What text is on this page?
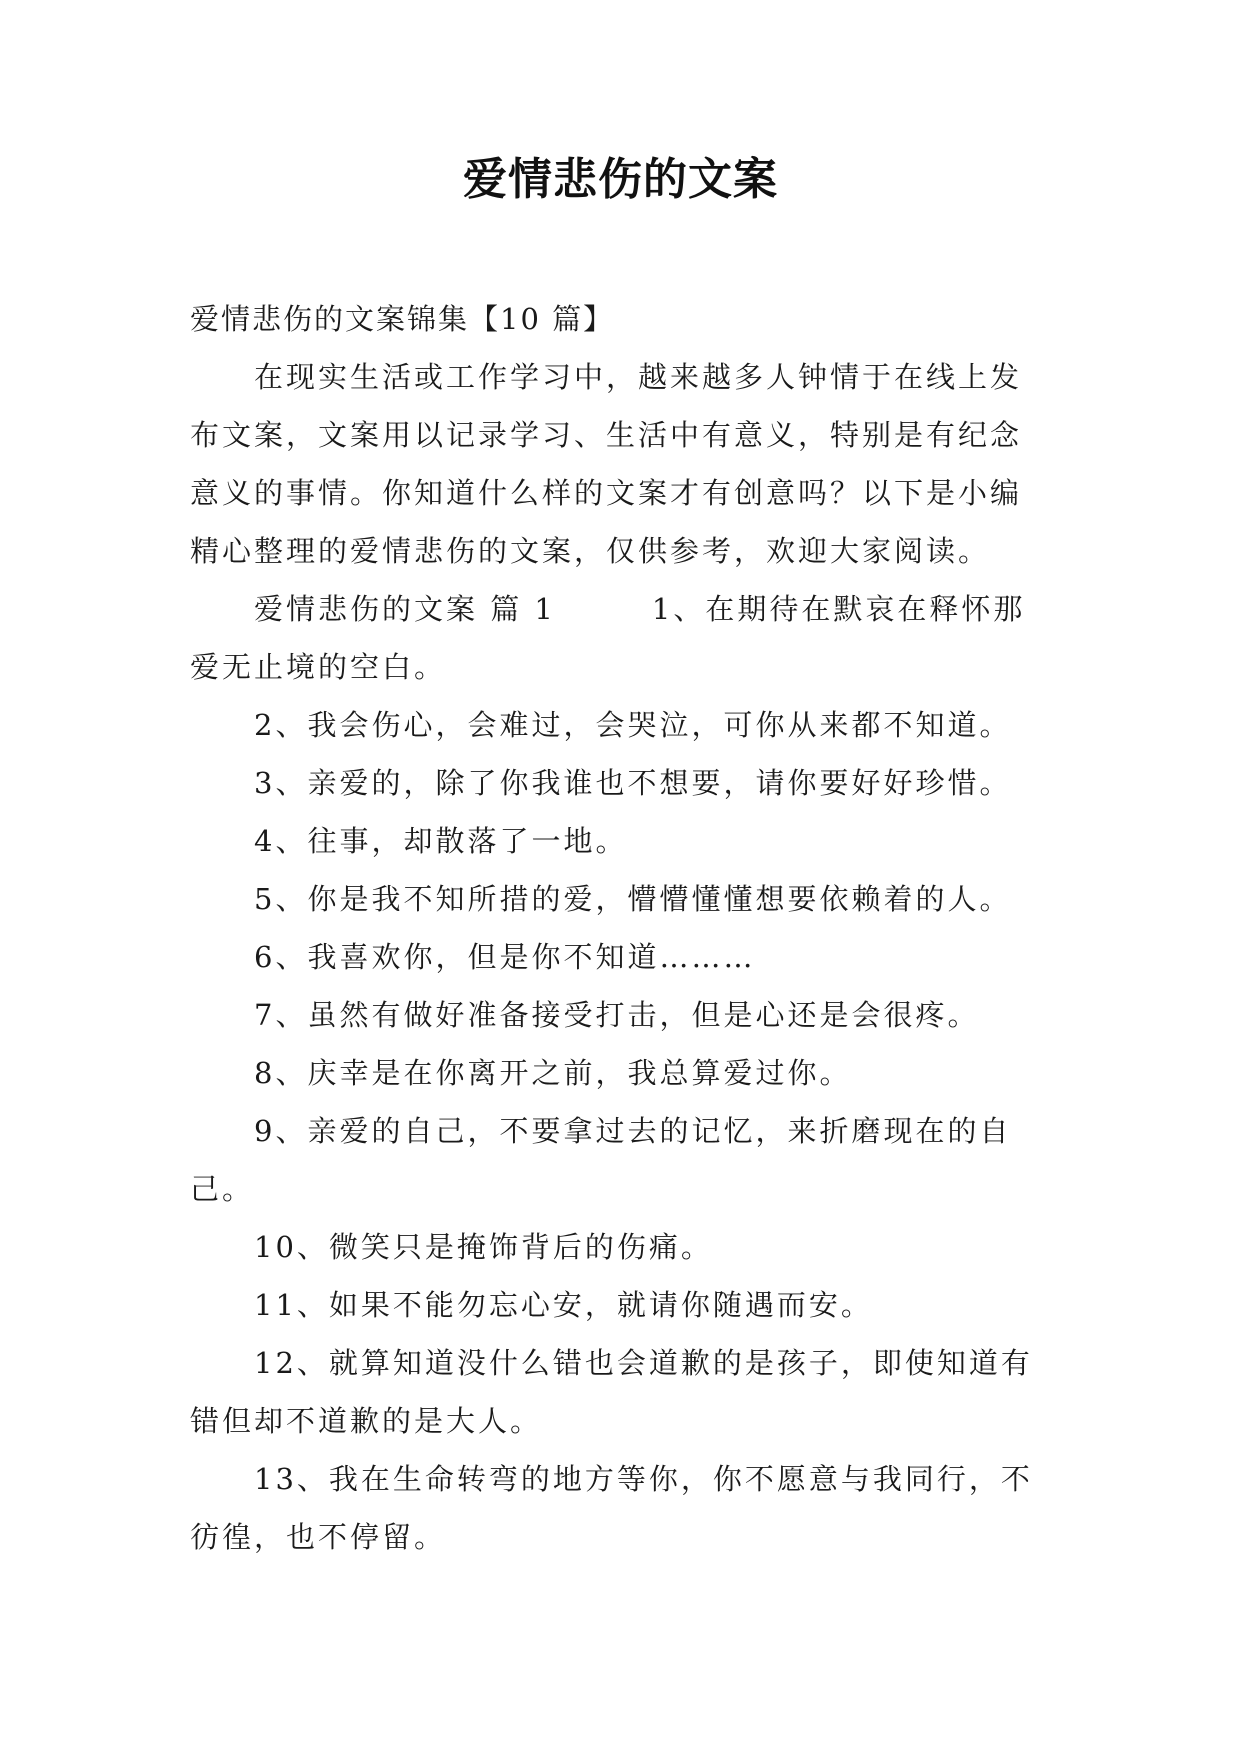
爱情悲伤的文案

爱情悲伤的文案锦集【10 篇】

在现实生活或工作学习中，越来越多人钟情于在线上发布文案，文案用以记录学习、生活中有意义，特别是有纪念意义的事情。你知道什么样的文案才有创意吗？以下是小编精心整理的爱情悲伤的文案，仅供参考，欢迎大家阅读。

爱情悲伤的文案 篇 1　　　1、在期待在默哀在释怀那爱无止境的空白。

2、我会伤心，会难过，会哭泣，可你从来都不知道。

3、亲爱的，除了你我谁也不想要，请你要好好珍惜。

4、往事，却散落了一地。

5、你是我不知所措的爱，懵懵懂懂想要依赖着的人。

6、我喜欢你，但是你不知道………

7、虽然有做好准备接受打击，但是心还是会很疼。

8、庆幸是在你离开之前，我总算爱过你。

9、亲爱的自己，不要拿过去的记忆，来折磨现在的自己。

10、微笑只是掩饰背后的伤痛。

11、如果不能勿忘心安，就请你随遇而安。

12、就算知道没什么错也会道歉的是孩子，即使知道有错但却不道歉的是大人。

13、我在生命转弯的地方等你，你不愿意与我同行，不彷徨，也不停留。
